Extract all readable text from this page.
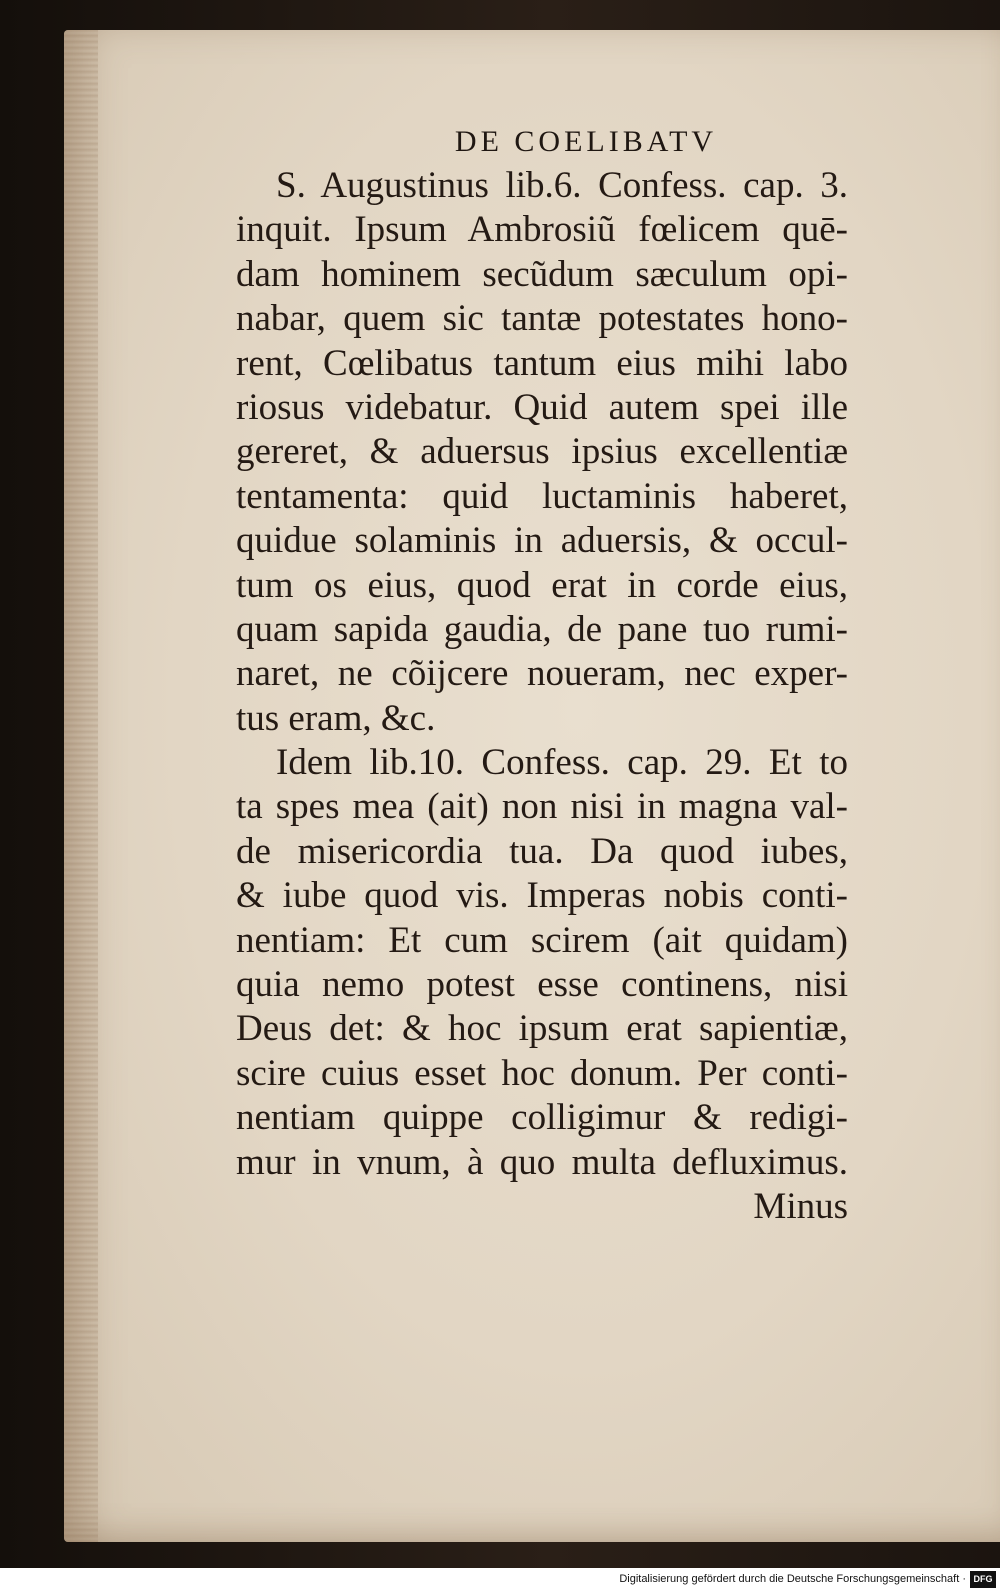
DE COELIBATV
S. Augustinus lib.6. Confess. cap. 3.
inquit. Ipsum Ambrosiũ fœlicem quē-
dam hominem secũdum sæculum opi-
nabar, quem sic tantæ potestates hono-
rent, Cœlibatus tantum eius mihi labo
riosus videbatur. Quid autem spei ille
gereret, & aduersus ipsius excellentiæ
tentamenta: quid luctaminis haberet,
quidue solaminis in aduersis, & occul-
tum os eius, quod erat in corde eius,
quam sapida gaudia, de pane tuo rumi-
naret, ne cõijcere noueram, nec exper-
tus eram, &c.
Idem lib.10. Confess. cap. 29. Et to
ta spes mea (ait) non nisi in magna val-
de misericordia tua. Da quod iubes,
& iube quod vis. Imperas nobis conti-
nentiam: Et cum scirem (ait quidam)
quia nemo potest esse continens, nisi
Deus det: & hoc ipsum erat sapientiæ,
scire cuius esset hoc donum. Per conti-
nentiam quippe colligimur & redigi-
mur in vnum, à quo multa defluximus.
Minus
Digitalisierung gefördert durch die Deutsche Forschungsgemeinschaft · DFG
